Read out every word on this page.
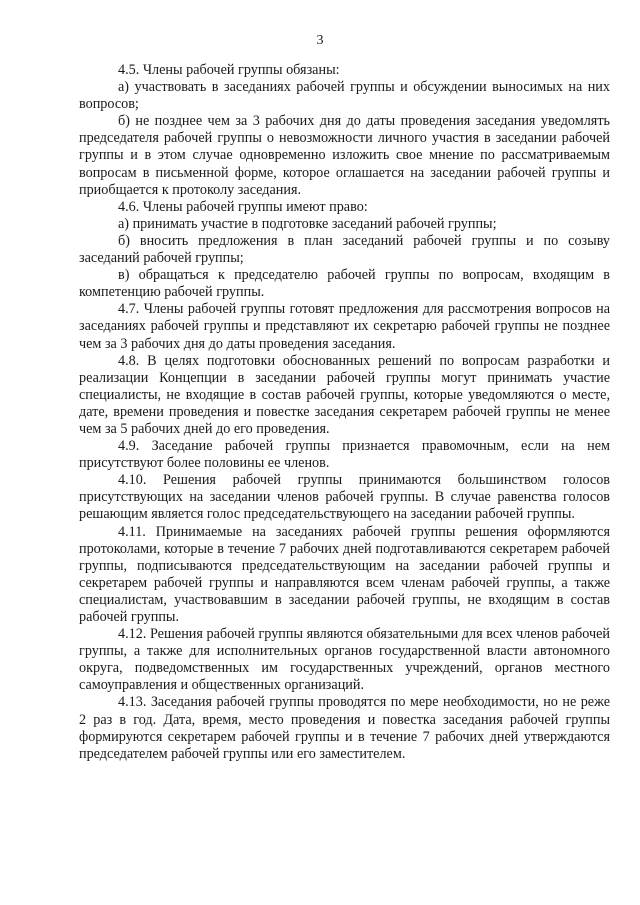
3

4.5. Члены рабочей группы обязаны:

а) участвовать в заседаниях рабочей группы и обсуждении выносимых на них вопросов;

б) не позднее чем за 3 рабочих дня до даты проведения заседания уведомлять председателя рабочей группы о невозможности личного участия в заседании рабочей группы и в этом случае одновременно изложить свое мнение по рассматриваемым вопросам в письменной форме, которое оглашается на заседании рабочей группы и приобщается к протоколу заседания.

4.6. Члены рабочей группы имеют право:

а) принимать участие в подготовке заседаний рабочей группы;

б) вносить предложения в план заседаний рабочей группы и по созыву заседаний рабочей группы;

в) обращаться к председателю рабочей группы по вопросам, входящим в компетенцию рабочей группы.

4.7. Члены рабочей группы готовят предложения для рассмотрения вопросов на заседаниях рабочей группы и представляют их секретарю рабочей группы не позднее чем за 3 рабочих дня до даты проведения заседания.

4.8. В целях подготовки обоснованных решений по вопросам разработки и реализации Концепции в заседании рабочей группы могут принимать участие специалисты, не входящие в состав рабочей группы, которые уведомляются о месте, дате, времени проведения и повестке заседания секретарем рабочей группы не менее чем за 5 рабочих дней до его проведения.

4.9. Заседание рабочей группы признается правомочным, если на нем присутствуют более половины ее членов.

4.10. Решения рабочей группы принимаются большинством голосов присутствующих на заседании членов рабочей группы. В случае равенства голосов решающим является голос председательствующего на заседании рабочей группы.

4.11. Принимаемые на заседаниях рабочей группы решения оформляются протоколами, которые в течение 7 рабочих дней подготавливаются секретарем рабочей группы, подписываются председательствующим на заседании рабочей группы и секретарем рабочей группы и направляются всем членам рабочей группы, а также специалистам, участвовавшим в заседании рабочей группы, не входящим в состав рабочей группы.

4.12. Решения рабочей группы являются обязательными для всех членов рабочей группы, а также для исполнительных органов государственной власти автономного округа, подведомственных им государственных учреждений, органов местного самоуправления и общественных организаций.

4.13. Заседания рабочей группы проводятся по мере необходимости, но не реже 2 раз в год. Дата, время, место проведения и повестка заседания рабочей группы формируются секретарем рабочей группы и в течение 7 рабочих дней утверждаются председателем рабочей группы или его заместителем.
